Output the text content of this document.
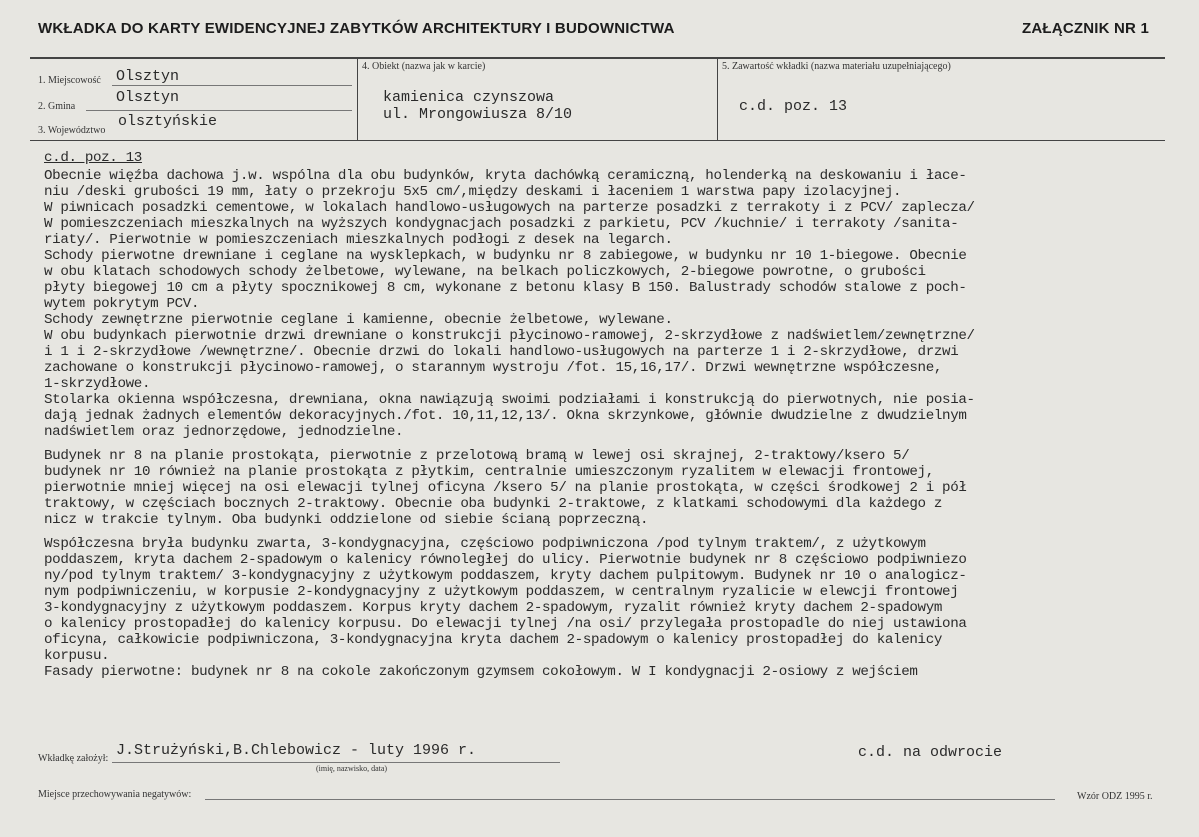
WKŁADKA DO KARTY EWIDENCYJNEJ ZABYTKÓW ARCHITEKTURY I BUDOWNICTWA	ZAŁĄCZNIK NR 1
1. Miejscowość Olsztyn
2. Gmina
Olsztyn
3. Województwo
olsztyńskie
4. Obiekt (nazwa jak w karcie)
kamienica czynszowa
ul. Mrongowiusza 8/10
5. Zawartość wkładki (nazwa materiału uzupełniającego)
c.d. poz. 13
c.d. poz. 13
Obecnie więźba dachowa j.w. wspólna dla obu budynków, kryta dachówką ceramiczną, holenderką na deskowaniu i łace-
niu /deski grubości 19 mm, łaty o przekroju 5x5 cm/,między deskami i łaceniem 1 warstwa papy izolacyjnej.
W piwnicach posadzki cementowe, w lokalach handlowo-usługowych na parterze posadzki z terrakoty i z PCV/ zaplecza/
W pomieszczeniach mieszkalnych na wyższych kondygnacjach posadzki z parkietu, PCV /kuchnie/ i terrakoty /sanita-
riaty/. Pierwotnie w pomieszczeniach mieszkalnych podłogi z desek na legarch.
Schody pierwotne drewniane i ceglane na wysklepkach, w budynku nr 8 zabiegowe, w budynku nr 10 1-biegowe. Obecnie
w obu klatach schodowych schody żelbetowe, wylewane, na belkach policzkowych, 2-biegowe powrotne, o grubości
płyty biegowej 10 cm a płyty spocznikowej 8 cm, wykonane z betonu klasy B 150. Balustrady schodów stalowe z poch-
wytem pokrytym PCV.
Schody zewnętrzne pierwotnie ceglane i kamienne, obecnie żelbetowe, wylewane.
W obu budynkach pierwotnie drzwi drewniane o konstrukcji płycinowo-ramowej, 2-skrzydłowe z nadświetlem/zewnętrzne/
i 1 i 2-skrzydłowe /wewnętrzne/. Obecnie drzwi do lokali handlowo-usługowych na parterze 1 i 2-skrzydłowe, drzwi
zachowane o konstrukcji płycinowo-ramowej, o starannym wystroju /fot. 15,16,17/. Drzwi wewnętrzne współczesne,
1-skrzydłowe.
Stolarka okienna współczesna, drewniana, okna nawiązują swoimi podziałami i konstrukcją do pierwotnych, nie posia-
dają jednak żadnych elementów dekoracyjnych./fot. 10,11,12,13/. Okna skrzynkowe, głównie dwudzielne z dwudzielnym
nadświetlem oraz jednorzędowe, jednodzielne.
Budynek nr 8 na planie prostokąta, pierwotnie z przelotową bramą w lewej osi skrajnej, 2-traktowy/ksero 5/
budynek nr 10 również na planie prostokąta z płytkim, centralnie umieszczonym ryzalitem w elewacji frontowej,
pierwotnie mniej więcej na osi elewacji tylnej oficyna /ksero 5/ na planie prostokąta, w części środkowej 2 i pół
traktowy, w częściach bocznych 2-traktowy. Obecnie oba budynki 2-traktowe, z klatkami schodowymi dla każdego z
nicz w trakcie tylnym. Oba budynki oddzielone od siebie ścianą poprzeczną.
Współczesna bryła budynku zwarta, 3-kondygnacyjna, częściowo podpiwniczona /pod tylnym traktem/, z użytkowym
poddaszem, kryta dachem 2-spadowym o kalenicy równoległej do ulicy. Pierwotnie budynek nr 8 częściowo podpiwniezo
ny/pod tylnym traktem/ 3-kondygnacyjny z użytkowym poddaszem, kryty dachem pulpitowym. Budynek nr 10 o analogicz-
nym podpiwniczeniu, w korpusie 2-kondygnacyjny z użytkowym poddaszem, w centralnym ryzalicie w elewcji frontowej
3-kondygnacyjny z użytkowym poddaszem. Korpus kryty dachem 2-spadowym, ryzalit również kryty dachem 2-spadowym
o kalenicy prostopadłej do kalenicy korpusu. Do elewacji tylnej /na osi/ przylegała prostopadle do niej ustawiona
oficyna, całkowicie podpiwniczona, 3-kondygnacyjna kryta dachem 2-spadowym o kalenicy prostopadłej do kalenicy
korpusu.
Fasady pierwotne: budynek nr 8 na cokole zakończonym gzymsem cokołowym. W I kondygnacji 2-osiowy z wejściem
Wkładkę założył: J.Strużyński,B.Chlebowicz - luty 1996 r.
(imię, nazwisko, data)
c.d. na odwrocie
Miejsce przechowywania negatywów:	Wzór ODZ 1995 r.
